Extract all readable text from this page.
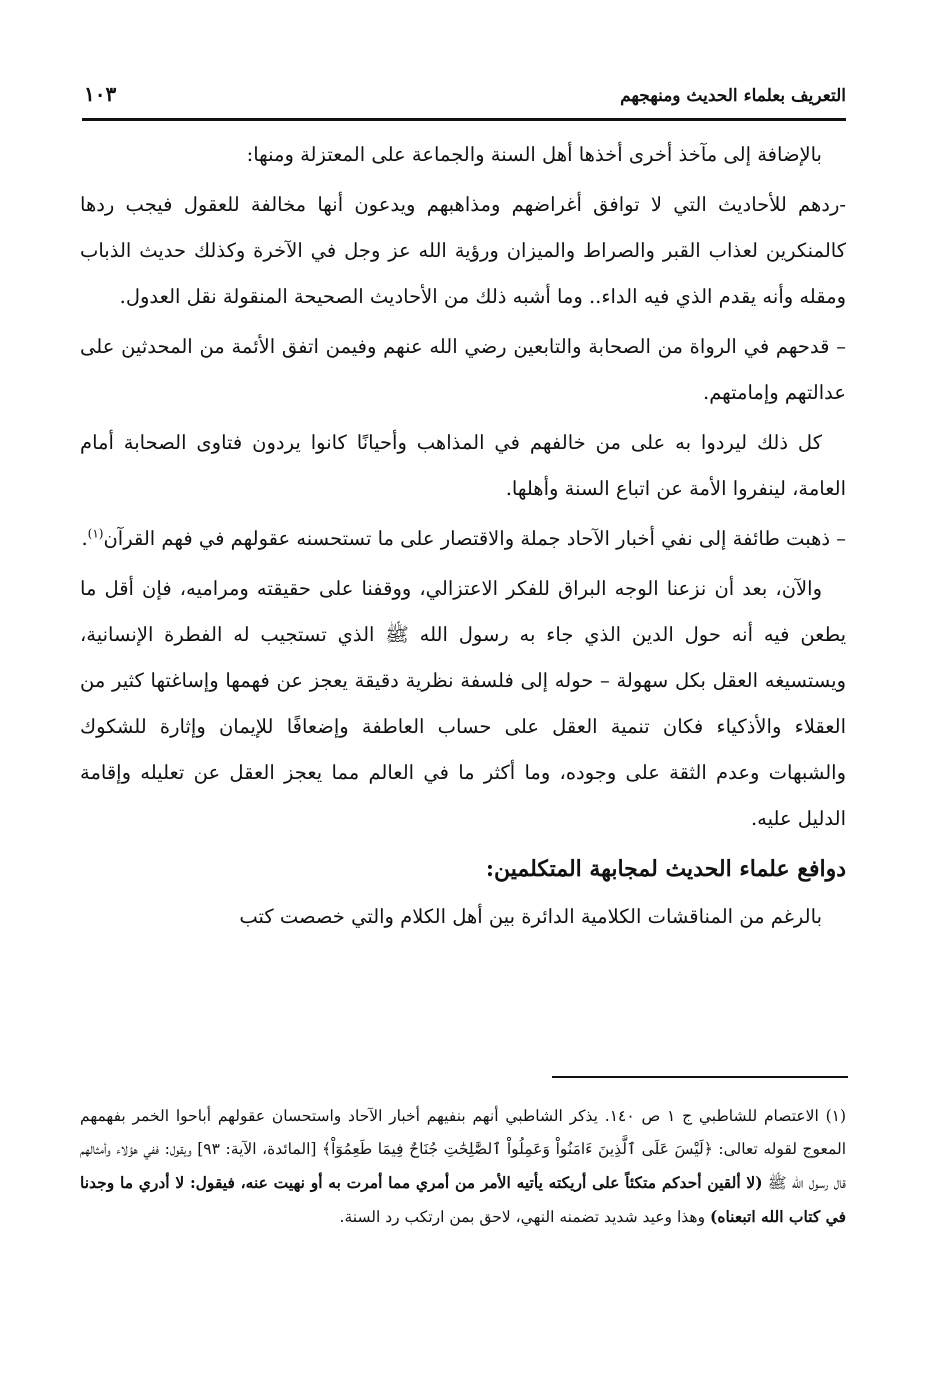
التعريف بعلماء الحديث ومنهجهم
١٠٣

بالإضافة إلى مآخذ أخرى أخذها أهل السنة والجماعة على المعتزلة ومنها:

-ردهم للأحاديث التي لا توافق أغراضهم ومذاهبهم ويدعون أنها مخالفة للعقول فيجب ردها كالمنكرين لعذاب القبر والصراط والميزان ورؤية الله عز وجل في الآخرة وكذلك حديث الذباب ومقله وأنه يقدم الذي فيه الداء.. وما أشبه ذلك من الأحاديث الصحيحة المنقولة نقل العدول.

– قدحهم في الرواة من الصحابة والتابعين رضي الله عنهم وفيمن اتفق الأئمة من المحدثين على عدالتهم وإمامتهم.

كل ذلك ليردوا به على من خالفهم في المذاهب وأحيانًا كانوا يردون فتاوى الصحابة أمام العامة، لينفروا الأمة عن اتباع السنة وأهلها.

– ذهبت طائفة إلى نفي أخبار الآحاد جملة والاقتصار على ما تستحسنه عقولهم في فهم القرآن$^{(١)}$.

والآن، بعد أن نزعنا الوجه البراق للفكر الاعتزالي، ووقفنا على حقيقته ومراميه، فإن أقل ما يطعن فيه أنه حول الدين الذي جاء به رسول الله ﷺ الذي تستجيب له الفطرة الإنسانية، ويستسيغه العقل بكل سهولة – حوله إلى فلسفة نظرية دقيقة يعجز عن فهمها وإساغتها كثير من العقلاء والأذكياء فكان تنمية العقل على حساب العاطفة وإضعافًا للإيمان وإثارة للشكوك والشبهات وعدم الثقة على وجوده، وما أكثر ما في العالم مما يعجز العقل عن تعليله وإقامة الدليل عليه.

دوافع علماء الحديث لمجابهة المتكلمين:

بالرغم من المناقشات الكلامية الدائرة بين أهل الكلام والتي خصصت كتب

(١) الاعتصام للشاطبي ج ١ ص ١٤٠. يذكر الشاطبي أنهم بنفيهم أخبار الآحاد واستحسان عقولهم أباحوا الخمر بفهمهم المعوج لقوله تعالى: ﴿لَيْسَ عَلَى ٱلَّذِينَ ءَامَنُواْ وَعَمِلُواْ ٱلصَّٰلِحَٰتِ جُنَاحٌ فِيمَا طَعِمُوٓاْ﴾ [المائدة، الآية: ٩٣] ويقول: ففي هؤلاء وأمثالهم قال رسول الله ﷺ (لا ألقين أحدكم متكئاً على أريكته يأتيه الأمر من أمري مما أمرت به أو نهيت عنه، فيقول: لا أدري ما وجدنا في كتاب الله اتبعناه) وهذا وعيد شديد تضمنه النهي، لاحق بمن ارتكب رد السنة.
